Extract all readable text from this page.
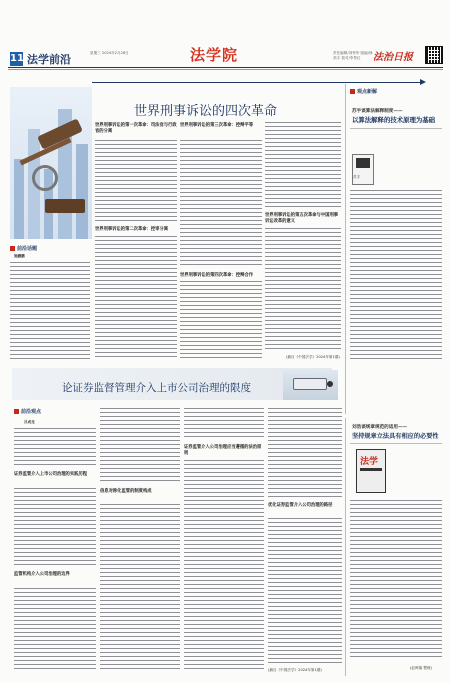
11 法学前沿	星期三 2024年2月28日	法学院	责任编辑/刘秀华 版编/徐高宇 校对/李景红	法治日报
世界刑事诉讼的四次革命
前沿话题
施鹏鹏
世界刑事诉讼的第一次革命：司法官与行政官的分离
世界刑事诉讼的第二次革命：控审分离
世界刑事诉讼的第三次革命：控辩平等
世界刑事诉讼的第四次革命：控辩合作
世界刑事诉讼的第五次革命与中国刑事诉讼改革的意义
(摘自《中国法学》2024年第1期)
观点新解
苏宇谈算法解释制度——
以算法解释的技术原理为基础
苏宇
论证券监督管理介入上市公司治理的限度
前沿观点
吕成龙
证券监管介入上市公司治理的实践历程
监管机构介入公司治理的边界
信息对称化监管的制度构成
证券监管介入公司治理应当遵循的法治原则
优化证券监管介入公司治理的路径
(摘自《中国法学》2024年第1期)
刘浩谈规章规范的适用——
坚持规章立法具有相应的必要性
法学
(赵晖摘 整理)
